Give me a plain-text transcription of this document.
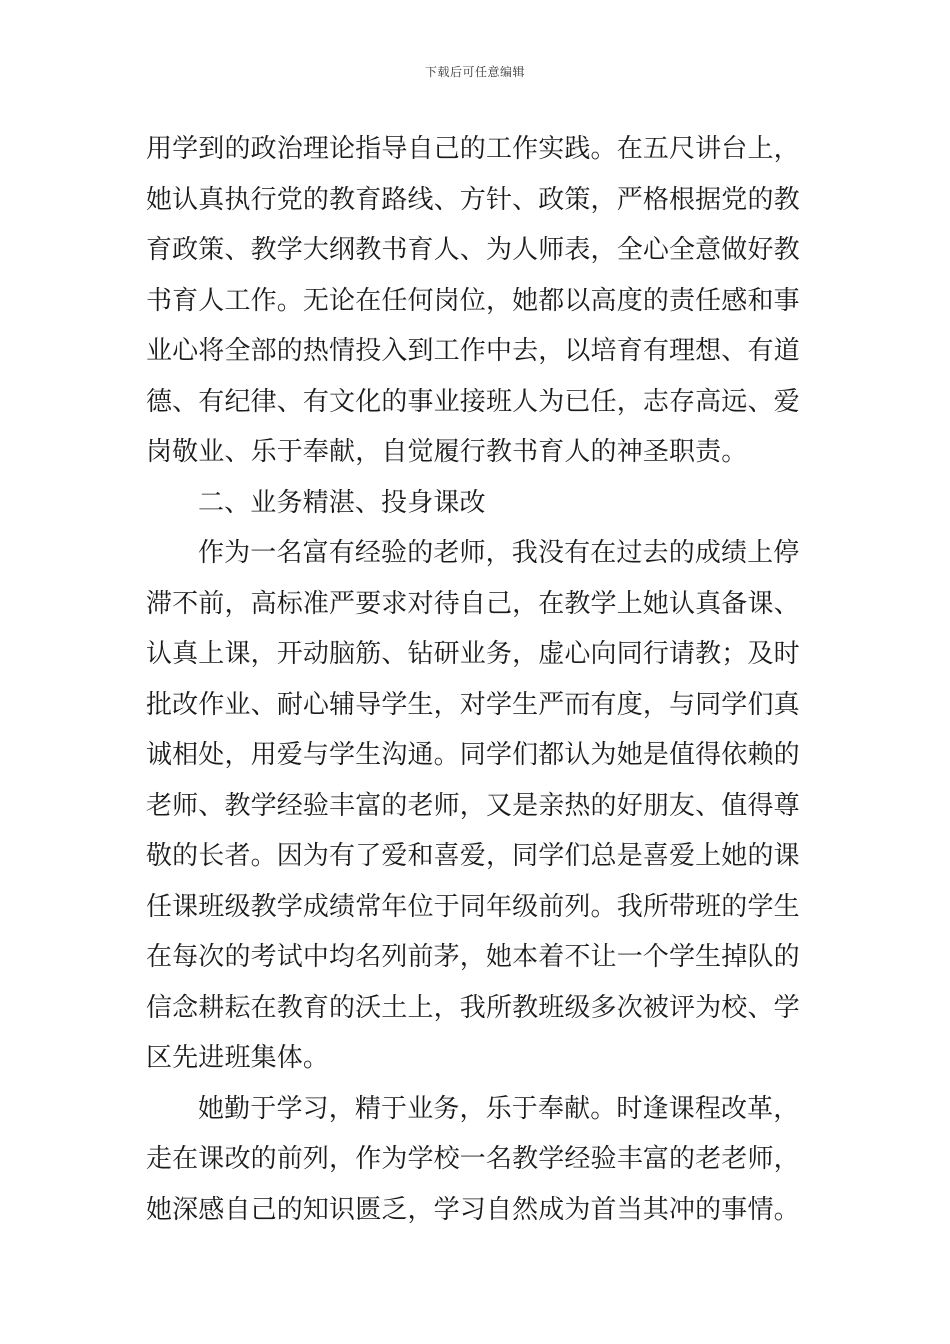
下载后可任意编辑
用学到的政治理论指导自己的工作实践。在五尺讲台上，
她认真执行党的教育路线、方针、政策，严格根据党的教
育政策、教学大纲教书育人、为人师表，全心全意做好教
书育人工作。无论在任何岗位，她都以高度的责任感和事
业心将全部的热情投入到工作中去，以培育有理想、有道
德、有纪律、有文化的事业接班人为已任，志存高远、爱
岗敬业、乐于奉献，自觉履行教书育人的神圣职责。
二、业务精湛、投身课改
作为一名富有经验的老师，我没有在过去的成绩上停
滞不前，高标准严要求对待自己，在教学上她认真备课、
认真上课，开动脑筋、钻研业务，虚心向同行请教；及时
批改作业、耐心辅导学生，对学生严而有度，与同学们真
诚相处，用爱与学生沟通。同学们都认为她是值得依赖的
老师、教学经验丰富的老师，又是亲热的好朋友、值得尊
敬的长者。因为有了爱和喜爱，同学们总是喜爱上她的课
任课班级教学成绩常年位于同年级前列。我所带班的学生
在每次的考试中均名列前茅，她本着不让一个学生掉队的
信念耕耘在教育的沃土上，我所教班级多次被评为校、学
区先进班集体。
她勤于学习，精于业务，乐于奉献。时逢课程改革，
走在课改的前列，作为学校一名教学经验丰富的老老师，
她深感自己的知识匮乏，学习自然成为首当其冲的事情。
